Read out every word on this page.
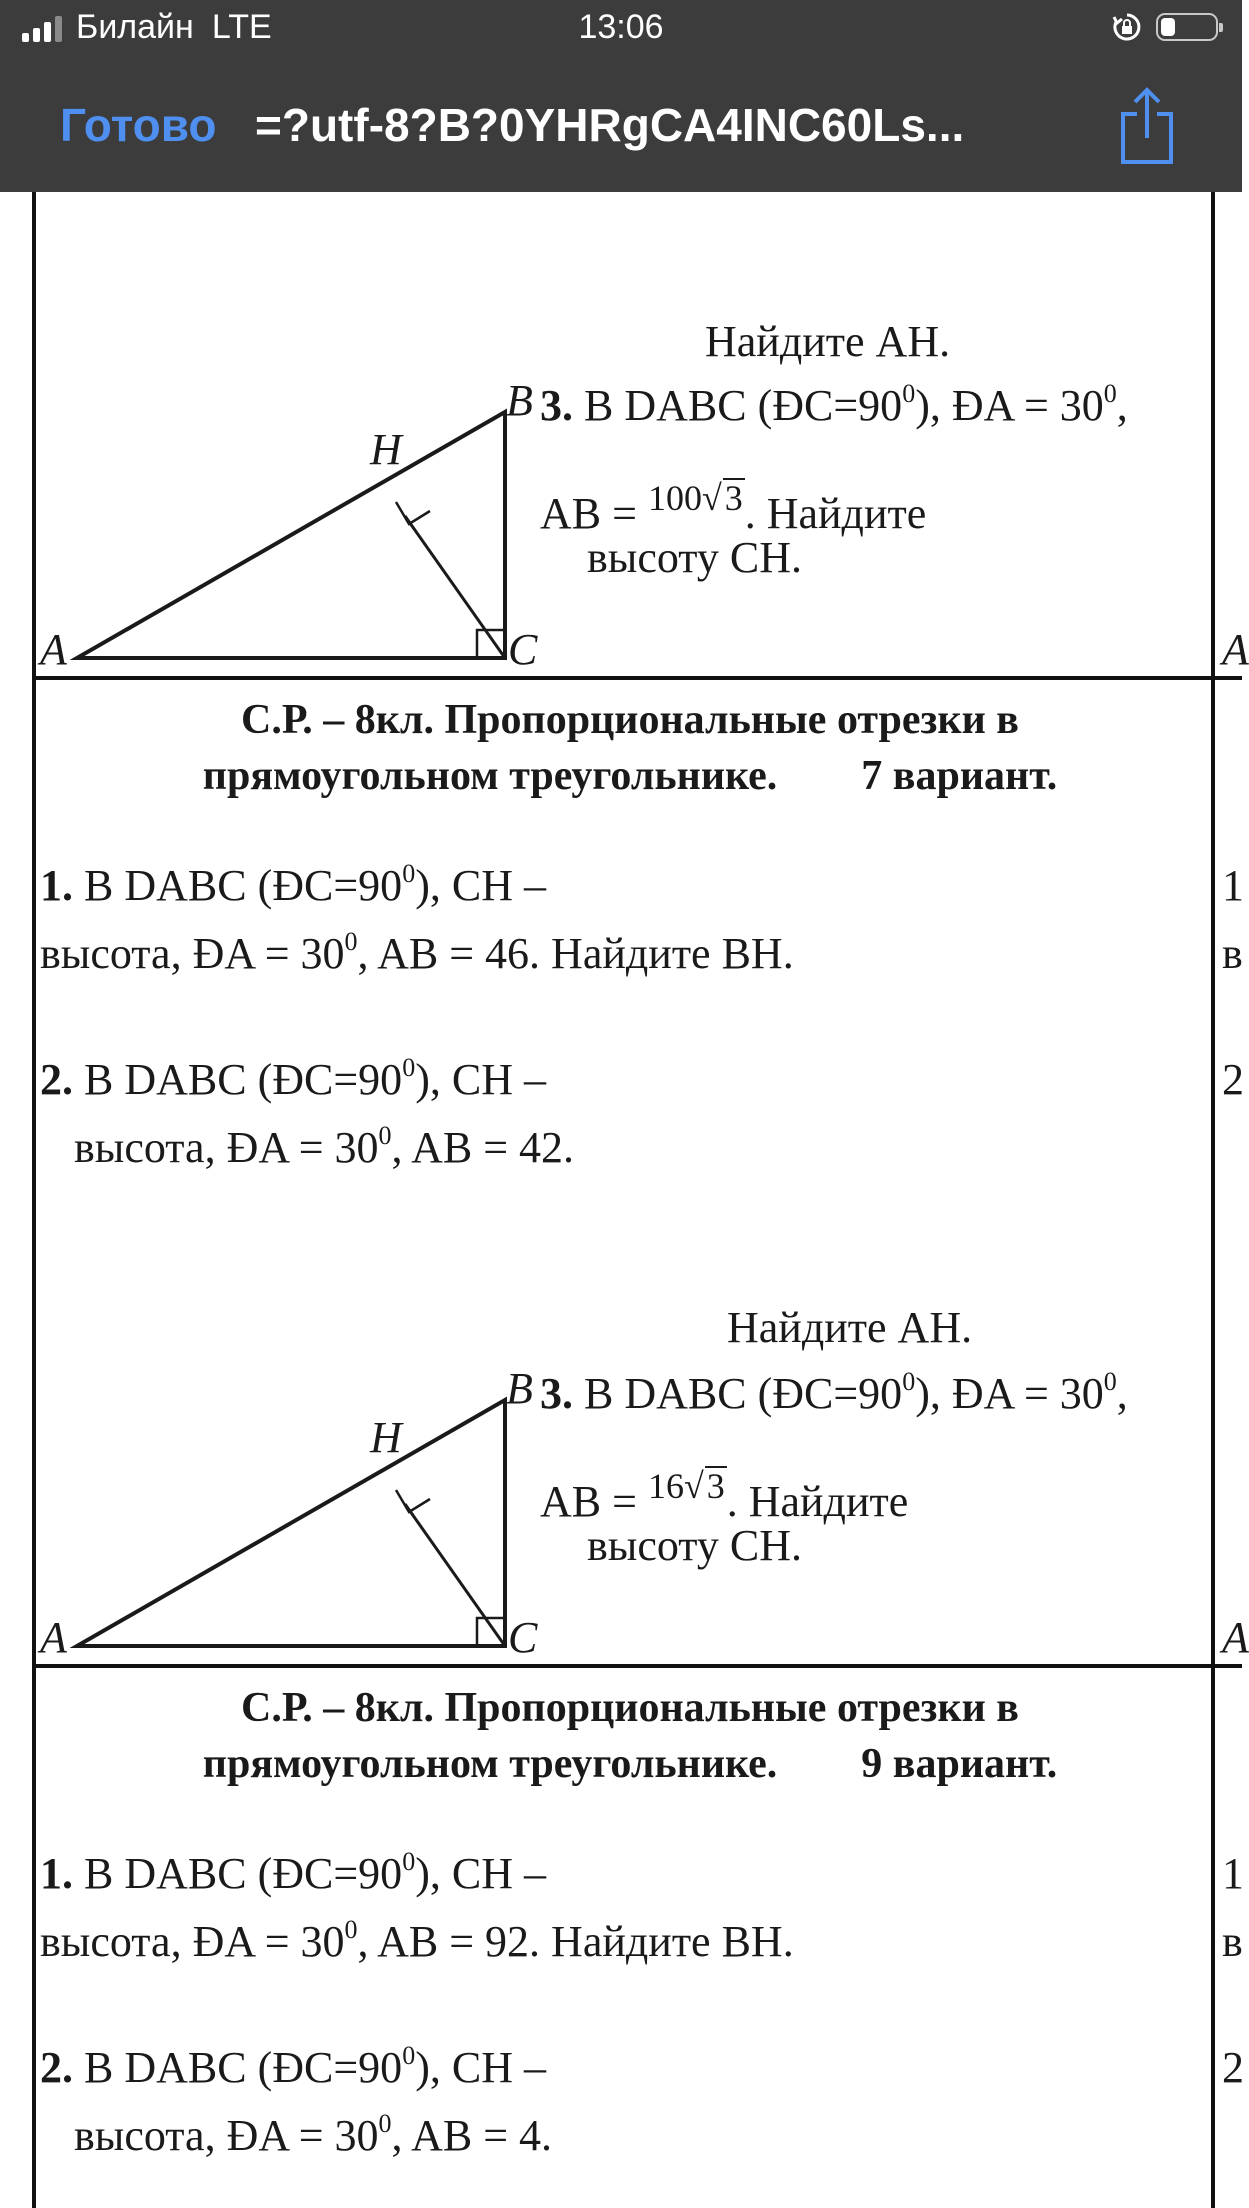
Билайн LTE	13:06
Готово =?utf-8?B?0YHRgCA4INC60Ls...
Найдите АН.
A
B
C
H
3. В DABC $(ĐC=90^0)$, ĐA = $30^0$,
AB = $^{100√}$3. Найдите
высоту СН.
А
С.Р. – 8кл. Пропорциональные отрезки в
прямоугольном треугольнике.        7 вариант.
1. В DABC $(ĐC=90^0)$, CH –
высота, ĐA = $30^0$, AB = 46. Найдите ВН.
1
в
2. В DABC $(ĐC=90^0)$, CH –
высота, ĐA = $30^0$, AB = 42.
2
Найдите АН.
A
B
C
H
3. В DABC $(ĐC=90^0)$, ĐA = $30^0$,
AB = $^{16√}$3. Найдите
высоту СН.
А
С.Р. – 8кл. Пропорциональные отрезки в
прямоугольном треугольнике.        9 вариант.
1. В DABC $(ĐC=90^0)$, CH –
высота, ĐA = $30^0$, AB = 92. Найдите ВН.
1
в
2. В DABC $(ĐC=90^0)$, CH –
высота, ĐA = $30^0$, AB = 4.
2
